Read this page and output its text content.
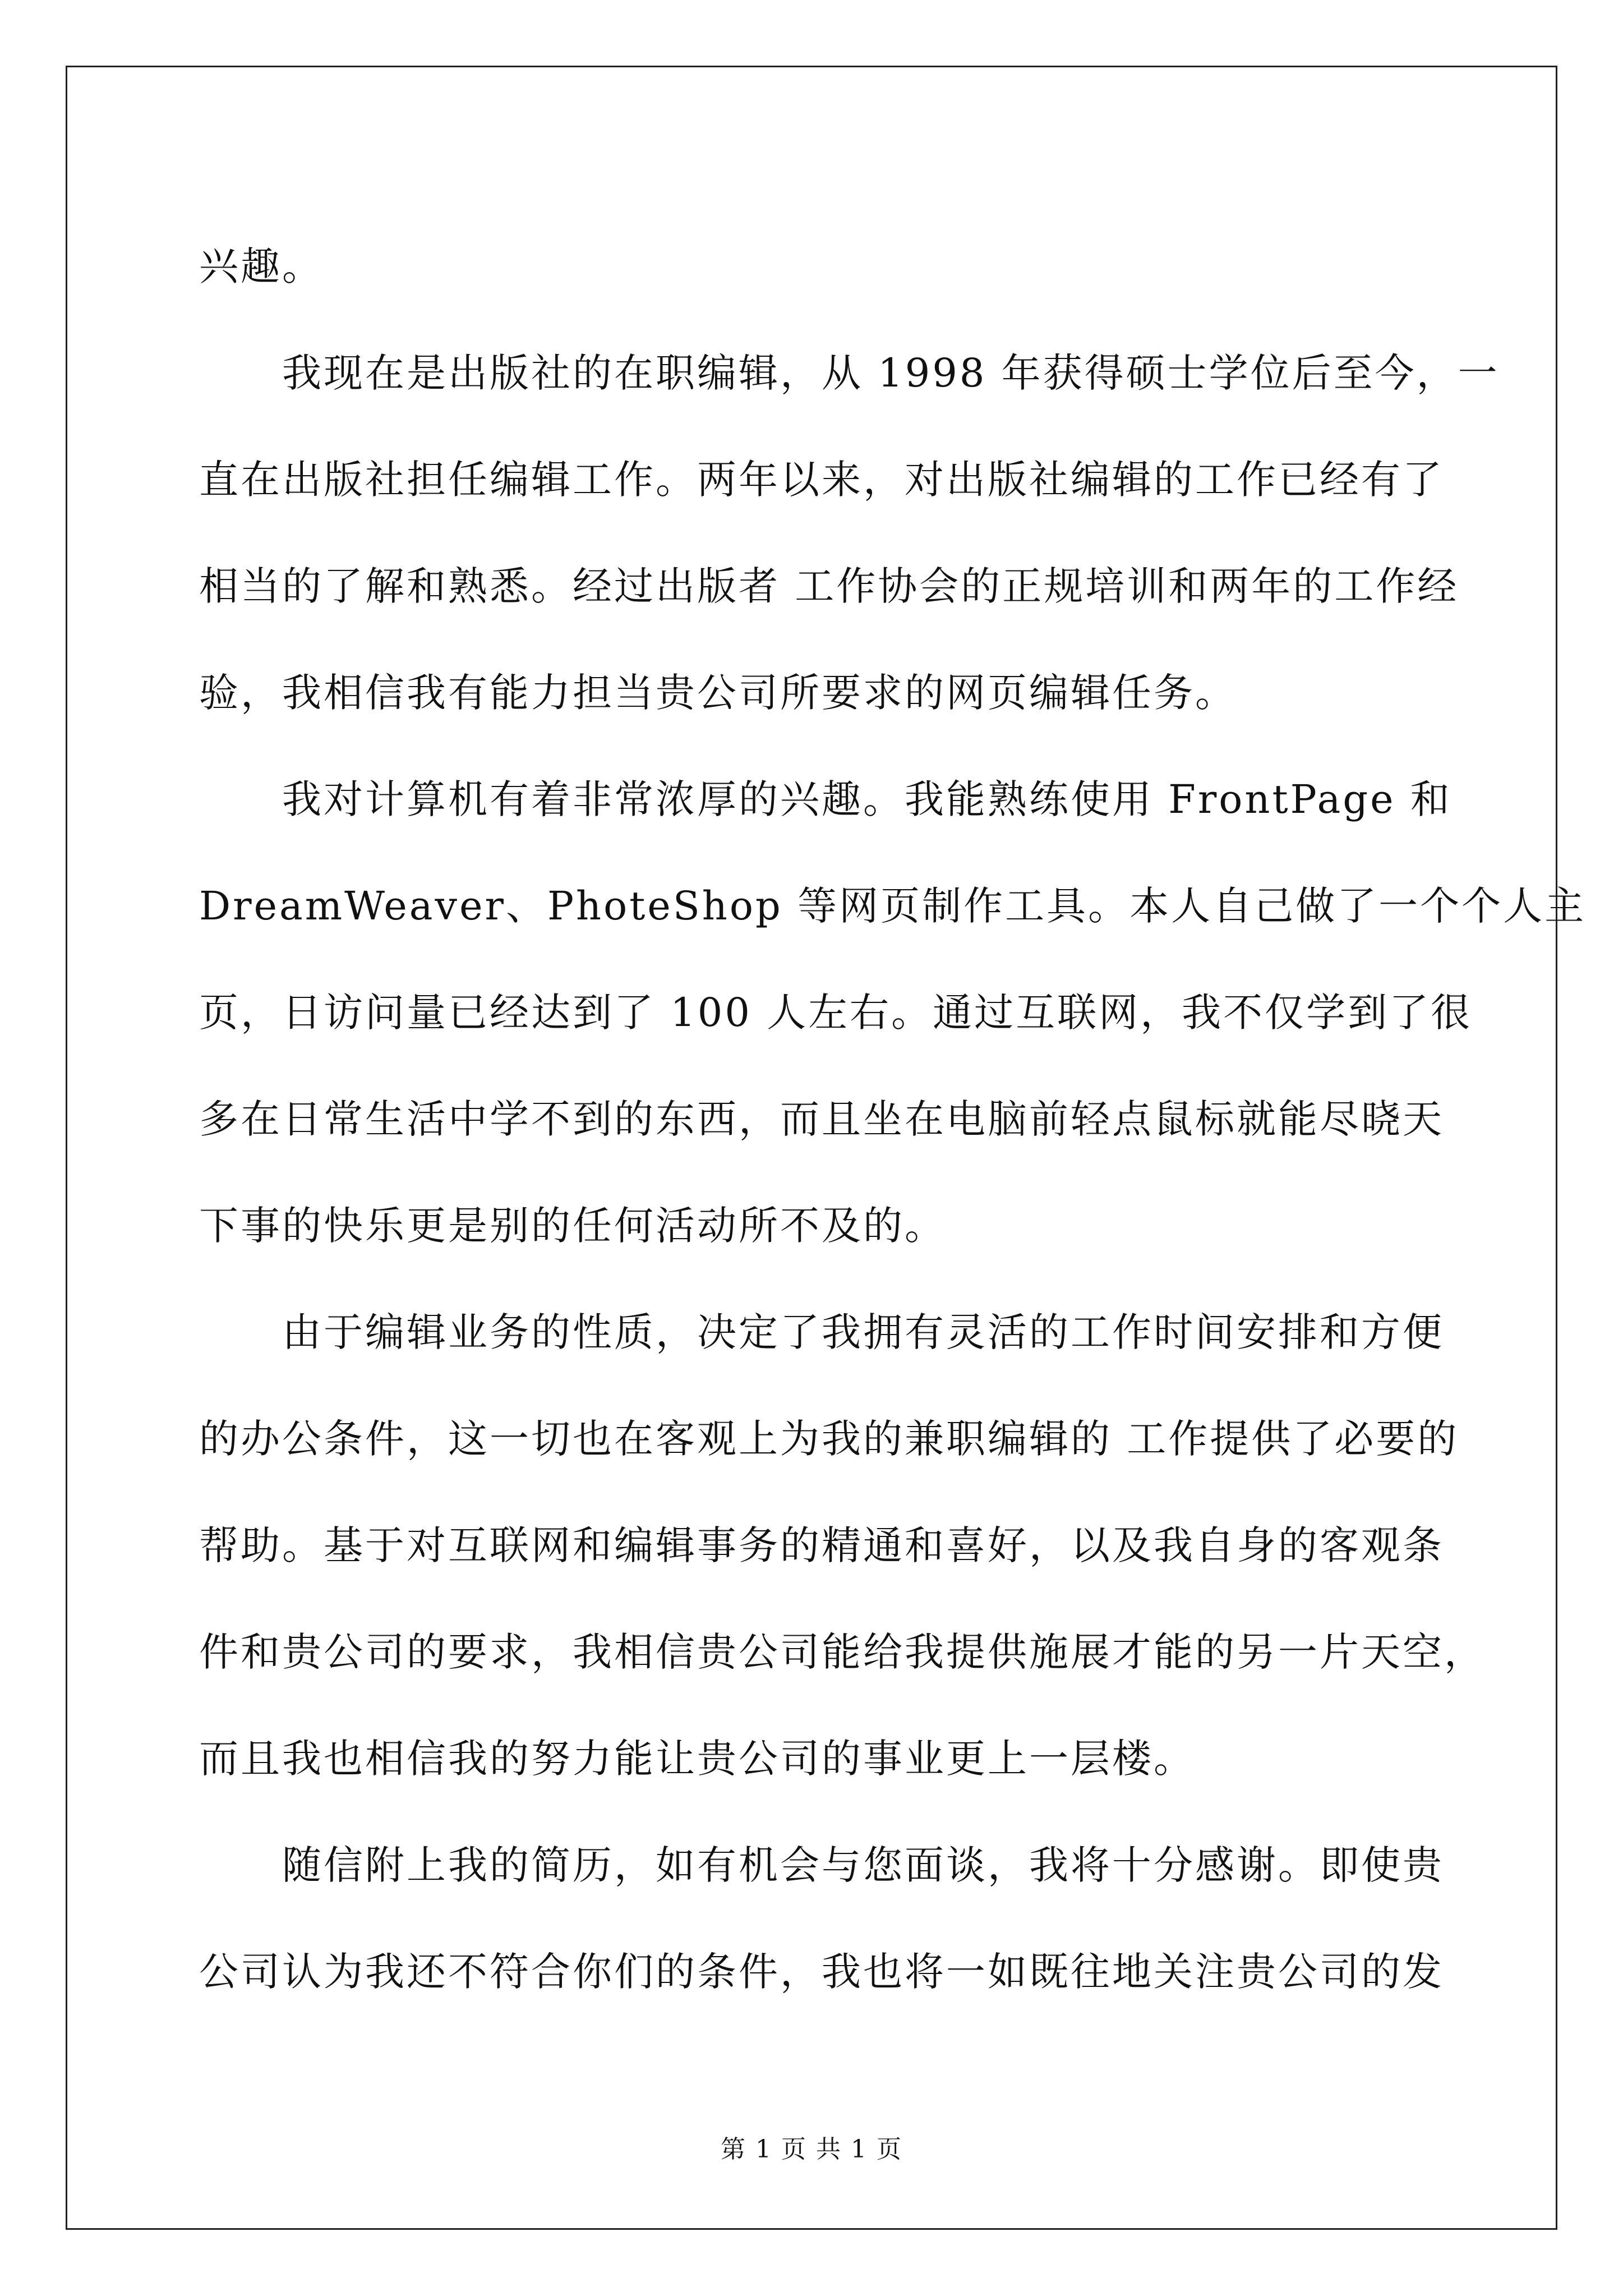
兴趣。
我现在是出版社的在职编辑，从 1998 年获得硕士学位后至今，一
直在出版社担任编辑工作。两年以来，对出版社编辑的工作已经有了
相当的了解和熟悉。经过出版者 工作协会的正规培训和两年的工作经
验，我相信我有能力担当贵公司所要求的网页编辑任务。
我对计算机有着非常浓厚的兴趣。我能熟练使用 FrontPage 和
DreamWeaver、PhoteShop 等网页制作工具。本人自己做了一个个人主
页，日访问量已经达到了 100 人左右。通过互联网，我不仅学到了很
多在日常生活中学不到的东西，而且坐在电脑前轻点鼠标就能尽晓天
下事的快乐更是别的任何活动所不及的。
由于编辑业务的性质，决定了我拥有灵活的工作时间安排和方便
的办公条件，这一切也在客观上为我的兼职编辑的 工作提供了必要的
帮助。基于对互联网和编辑事务的精通和喜好，以及我自身的客观条
件和贵公司的要求，我相信贵公司能给我提供施展才能的另一片天空，
而且我也相信我的努力能让贵公司的事业更上一层楼。
随信附上我的简历，如有机会与您面谈，我将十分感谢。即使贵
公司认为我还不符合你们的条件，我也将一如既往地关注贵公司的发
第 1 页 共 1 页
